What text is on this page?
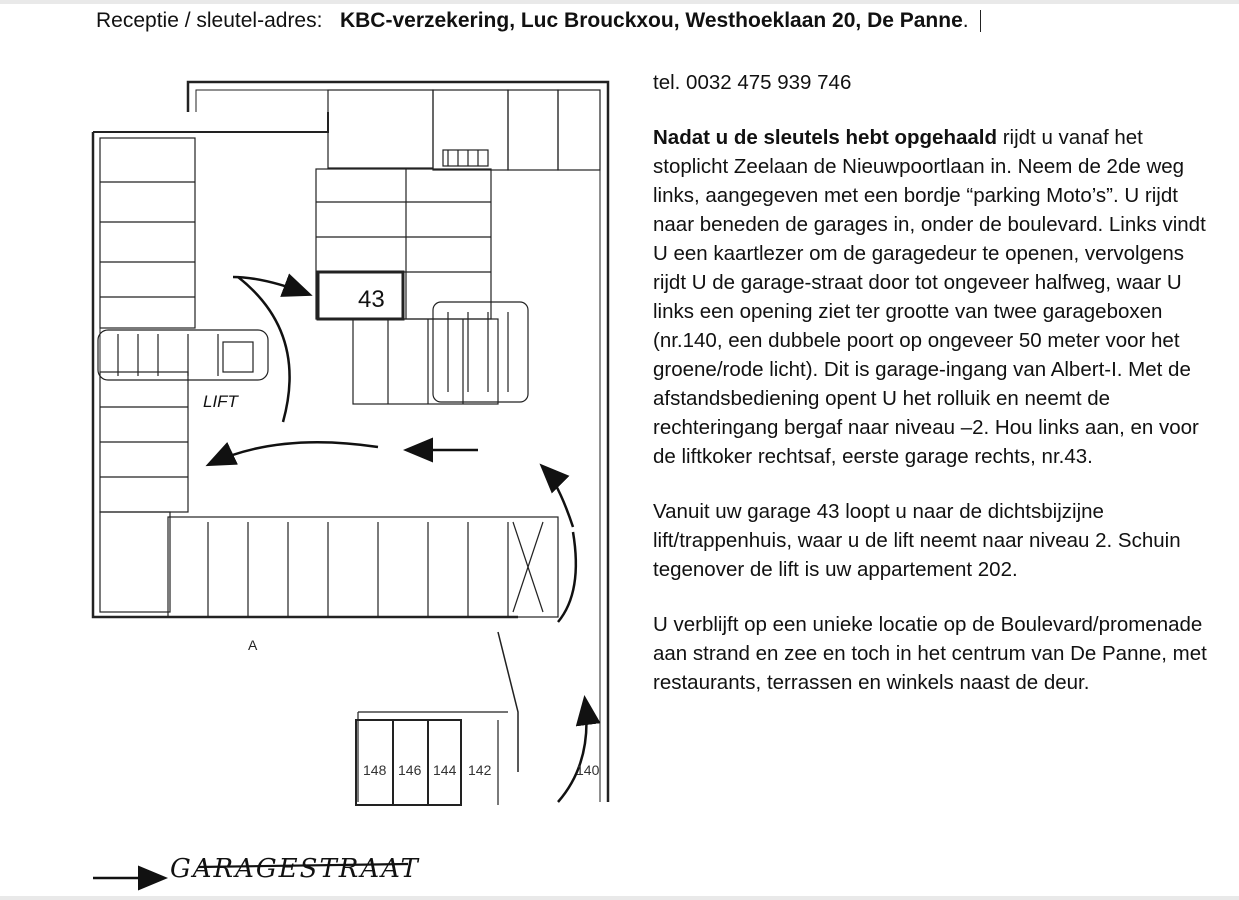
Receptie / sleutel-adres: KBC-verzekering, Luc Brouckxou, Westhoeklaan 20, De Panne.
43
LIFT
A
GARAGESTRAAT
148 146 144 142	140

tel. 0032 475 939 746

Nadat u de sleutels hebt opgehaald rijdt u vanaf het stoplicht Zeelaan de Nieuwpoortlaan in. Neem de 2de weg links, aangegeven met een bordje “parking Moto’s”. U rijdt naar beneden de garages in, onder de boulevard. Links vindt U een kaartlezer om de garagedeur te openen, vervolgens rijdt U de garage-straat door tot ongeveer halfweg, waar U links een opening ziet ter grootte van twee garageboxen (nr.140, een dubbele poort op ongeveer 50 meter voor het groene/rode licht). Dit is garage-ingang van Albert-I. Met de afstandsbediening opent U het rolluik en neemt de rechteringang bergaf naar niveau –2. Hou links aan, en voor de liftkoker rechtsaf, eerste garage rechts, nr.43.

Vanuit uw garage 43 loopt u naar de dichtsbijzijne lift/trappenhuis, waar u de lift neemt naar niveau 2. Schuin tegenover de lift is uw appartement 202.

U verblijft op een unieke locatie op de Boulevard/promenade aan strand en zee en toch in het centrum van De Panne, met restaurants, terrassen en winkels naast de deur.
